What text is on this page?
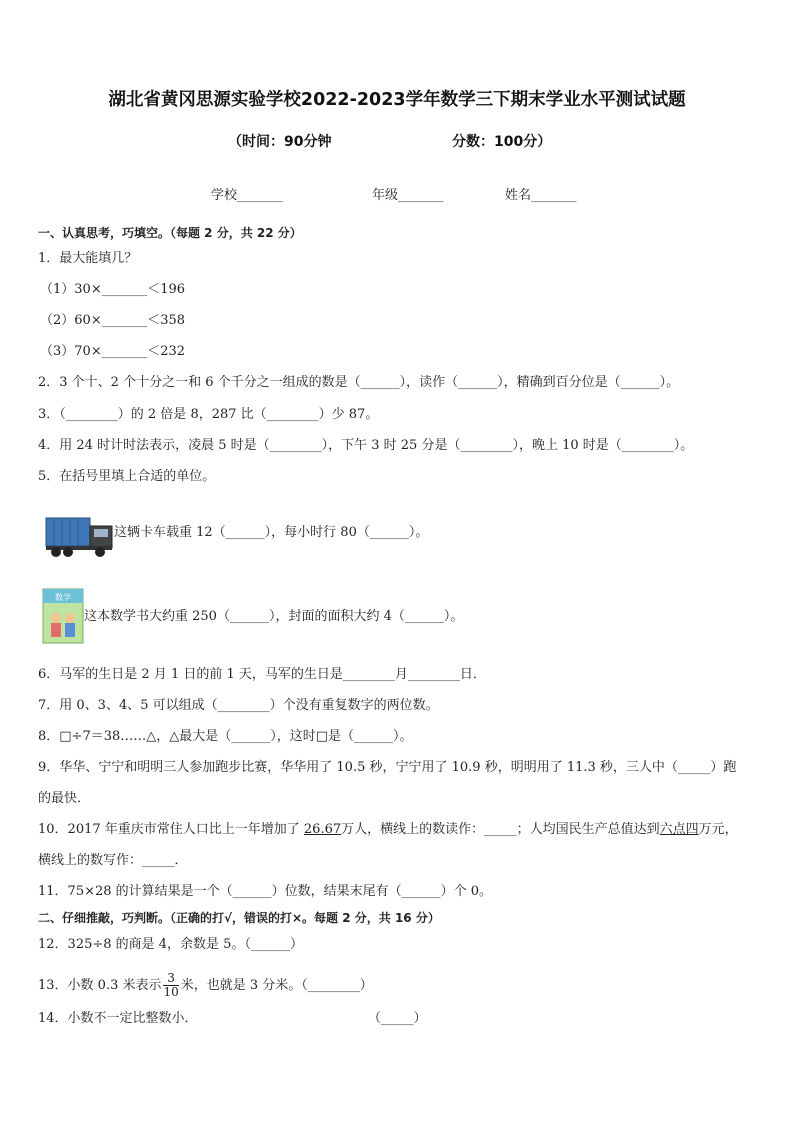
湖北省黄冈思源实验学校2022-2023学年数学三下期末学业水平测试试题
（时间：90分钟	分数：100分）
学校_______	年级_______	姓名_______
一、认真思考，巧填空。（每题 2 分，共 22 分）
1．最大能填几？
（1）30×_______＜196
（2）60×_______＜358
（3）70×_______＜232
2．3 个十、2 个十分之一和 6 个千分之一组成的数是（______），读作（______），精确到百分位是（______）。
3．（________）的 2 倍是 8，287 比（________）少 87。
4．用 24 时计时法表示，凌晨 5 时是（________），下午 3 时 25 分是（________），晚上 10 时是（________）。
5．在括号里填上合适的单位。
这辆卡车载重 12（______），每小时行 80（______）。
数学
这本数学书大约重 250（______），封面的面积大约 4（______）。
6．马军的生日是 2 月 1 日的前 1 天，马军的生日是________月________日．
7．用 0、3、4、5 可以组成（________）个没有重复数字的两位数。
8．□÷7＝38……△，△最大是（______），这时□是（______）。
9．华华、宁宁和明明三人参加跑步比赛，华华用了 10.5 秒，宁宁用了 10.9 秒，明明用了 11.3 秒，三人中（_____）跑
的最快．
10．2017 年重庆市常住人口比上一年增加了 26.67万人，横线上的数读作：_____；人均国民生产总值达到六点四万元，
横线上的数写作：_____．
11．75×28 的计算结果是一个（______）位数，结果末尾有（______）个 0。
二、仔细推敲，巧判断。（正确的打√，错误的打×。每题 2 分，共 16 分）
12．325÷8 的商是 4，余数是 5。（______）
13．小数 0.3 米表示 $\frac{3}{10}$ 米，也就是 3 分米。（________）
14．小数不一定比整数小．	（_____）
